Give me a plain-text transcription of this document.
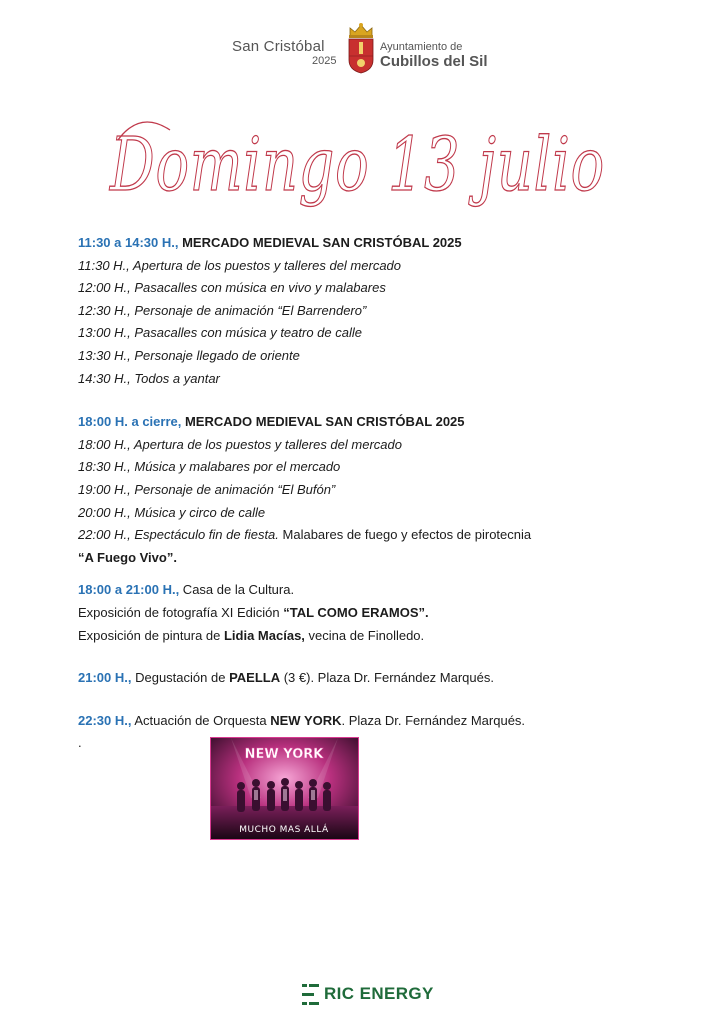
San Cristóbal
2025
Ayuntamiento de
Cubillos del Sil
Domingo 13 julio
11:30 a 14:30 H., MERCADO MEDIEVAL SAN CRISTÓBAL 2025
11:30 H., Apertura de los puestos y talleres del mercado
12:00 H., Pasacalles con música en vivo y malabares
12:30 H., Personaje de animación “El Barrendero”
13:00 H., Pasacalles con música y teatro de calle
13:30 H., Personaje llegado de oriente
14:30 H., Todos a yantar
18:00 H. a cierre, MERCADO MEDIEVAL SAN CRISTÓBAL 2025
18:00 H., Apertura de los puestos y talleres del mercado
18:30 H., Música y malabares por el mercado
19:00 H., Personaje de animación “El Bufón”
20:00 H., Música y circo de calle
22:00 H., Espectáculo fin de fiesta. Malabares de fuego y efectos de pirotecnia
“A Fuego Vivo”.
18:00 a 21:00 H., Casa de la Cultura.
Exposición de fotografía XI Edición “TAL COMO ERAMOS”.
Exposición de pintura de Lidia Macías, vecina de Finolledo.
21:00 H., Degustación de PAELLA (3 €). Plaza Dr. Fernández Marqués.
22:30 H., Actuación de Orquesta NEW YORK. Plaza Dr. Fernández Marqués.
.
NEW YORK
MUCHO MAS ALLÁ
RIC ENERGY
